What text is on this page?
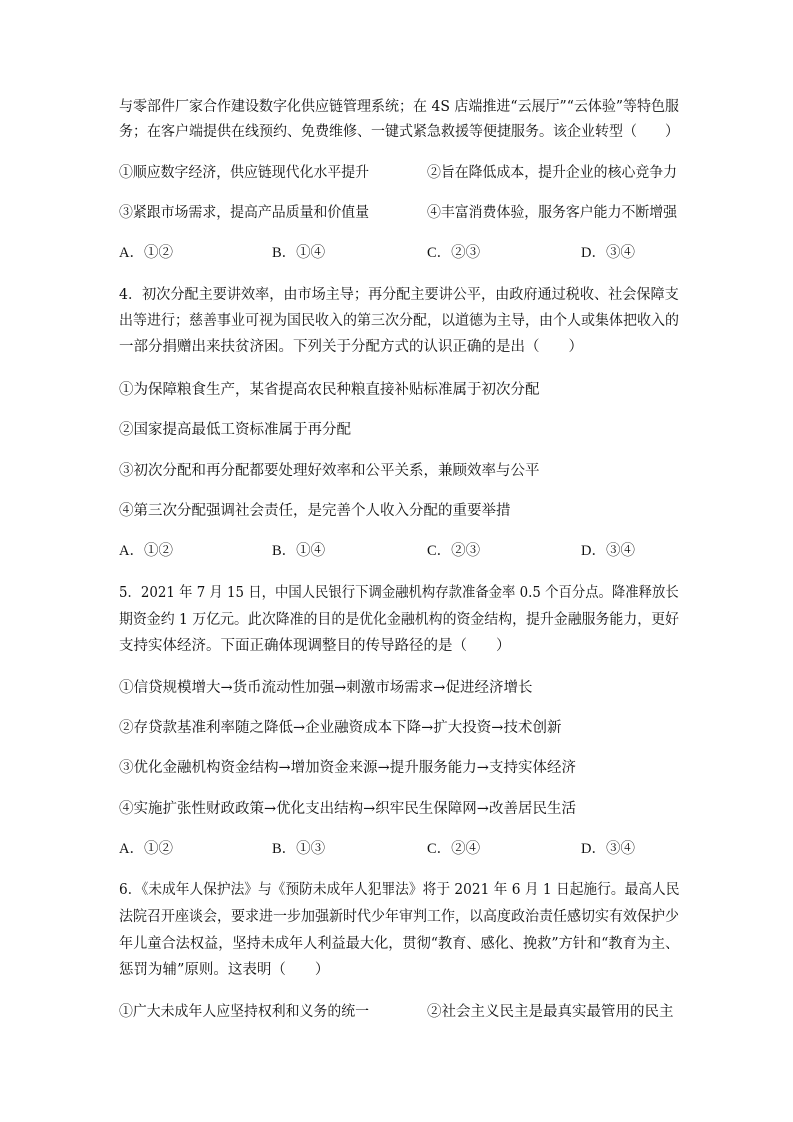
与零部件厂家合作建设数字化供应链管理系统；在 4S 店端推进“云展厅”“云体验”等特色服
务；在客户端提供在线预约、免费维修、一键式紧急救援等便捷服务。该企业转型（　　）
①顺应数字经济，供应链现代化水平提升	②旨在降低成本，提升企业的核心竞争力
③紧跟市场需求，提高产品质量和价值量	④丰富消费体验，服务客户能力不断增强
A．①②	B．①④	C．②③	D．③④
4．初次分配主要讲效率，由市场主导；再分配主要讲公平，由政府通过税收、社会保障支
出等进行；慈善事业可视为国民收入的第三次分配，以道德为主导，由个人或集体把收入的
一部分捐赠出来扶贫济困。下列关于分配方式的认识正确的是出（　　）
①为保障粮食生产，某省提高农民种粮直接补贴标准属于初次分配
②国家提高最低工资标准属于再分配
③初次分配和再分配都要处理好效率和公平关系，兼顾效率与公平
④第三次分配强调社会责任，是完善个人收入分配的重要举措
A．①②	B．①④	C．②③	D．③④
5．2021 年 7 月 15 日，中国人民银行下调金融机构存款准备金率 0.5 个百分点。降准释放长
期资金约 1 万亿元。此次降准的目的是优化金融机构的资金结构，提升金融服务能力，更好
支持实体经济。下面正确体现调整目的传导路径的是（　　）
①信贷规模增大→货币流动性加强→刺激市场需求→促进经济增长
②存贷款基准利率随之降低→企业融资成本下降→扩大投资→技术创新
③优化金融机构资金结构→增加资金来源→提升服务能力→支持实体经济
④实施扩张性财政政策→优化支出结构→织牢民生保障网→改善居民生活
A．①②	B．①③	C．②④	D．③④
6．《未成年人保护法》与《预防未成年人犯罪法》将于 2021 年 6 月 1 日起施行。最高人民
法院召开座谈会，要求进一步加强新时代少年审判工作，以高度政治责任感切实有效保护少
年儿童合法权益，坚持未成年人利益最大化，贯彻“教育、感化、挽救”方针和“教育为主、
惩罚为辅”原则。这表明（　　）
①广大未成年人应坚持权利和义务的统一	②社会主义民主是最真实最管用的民主
